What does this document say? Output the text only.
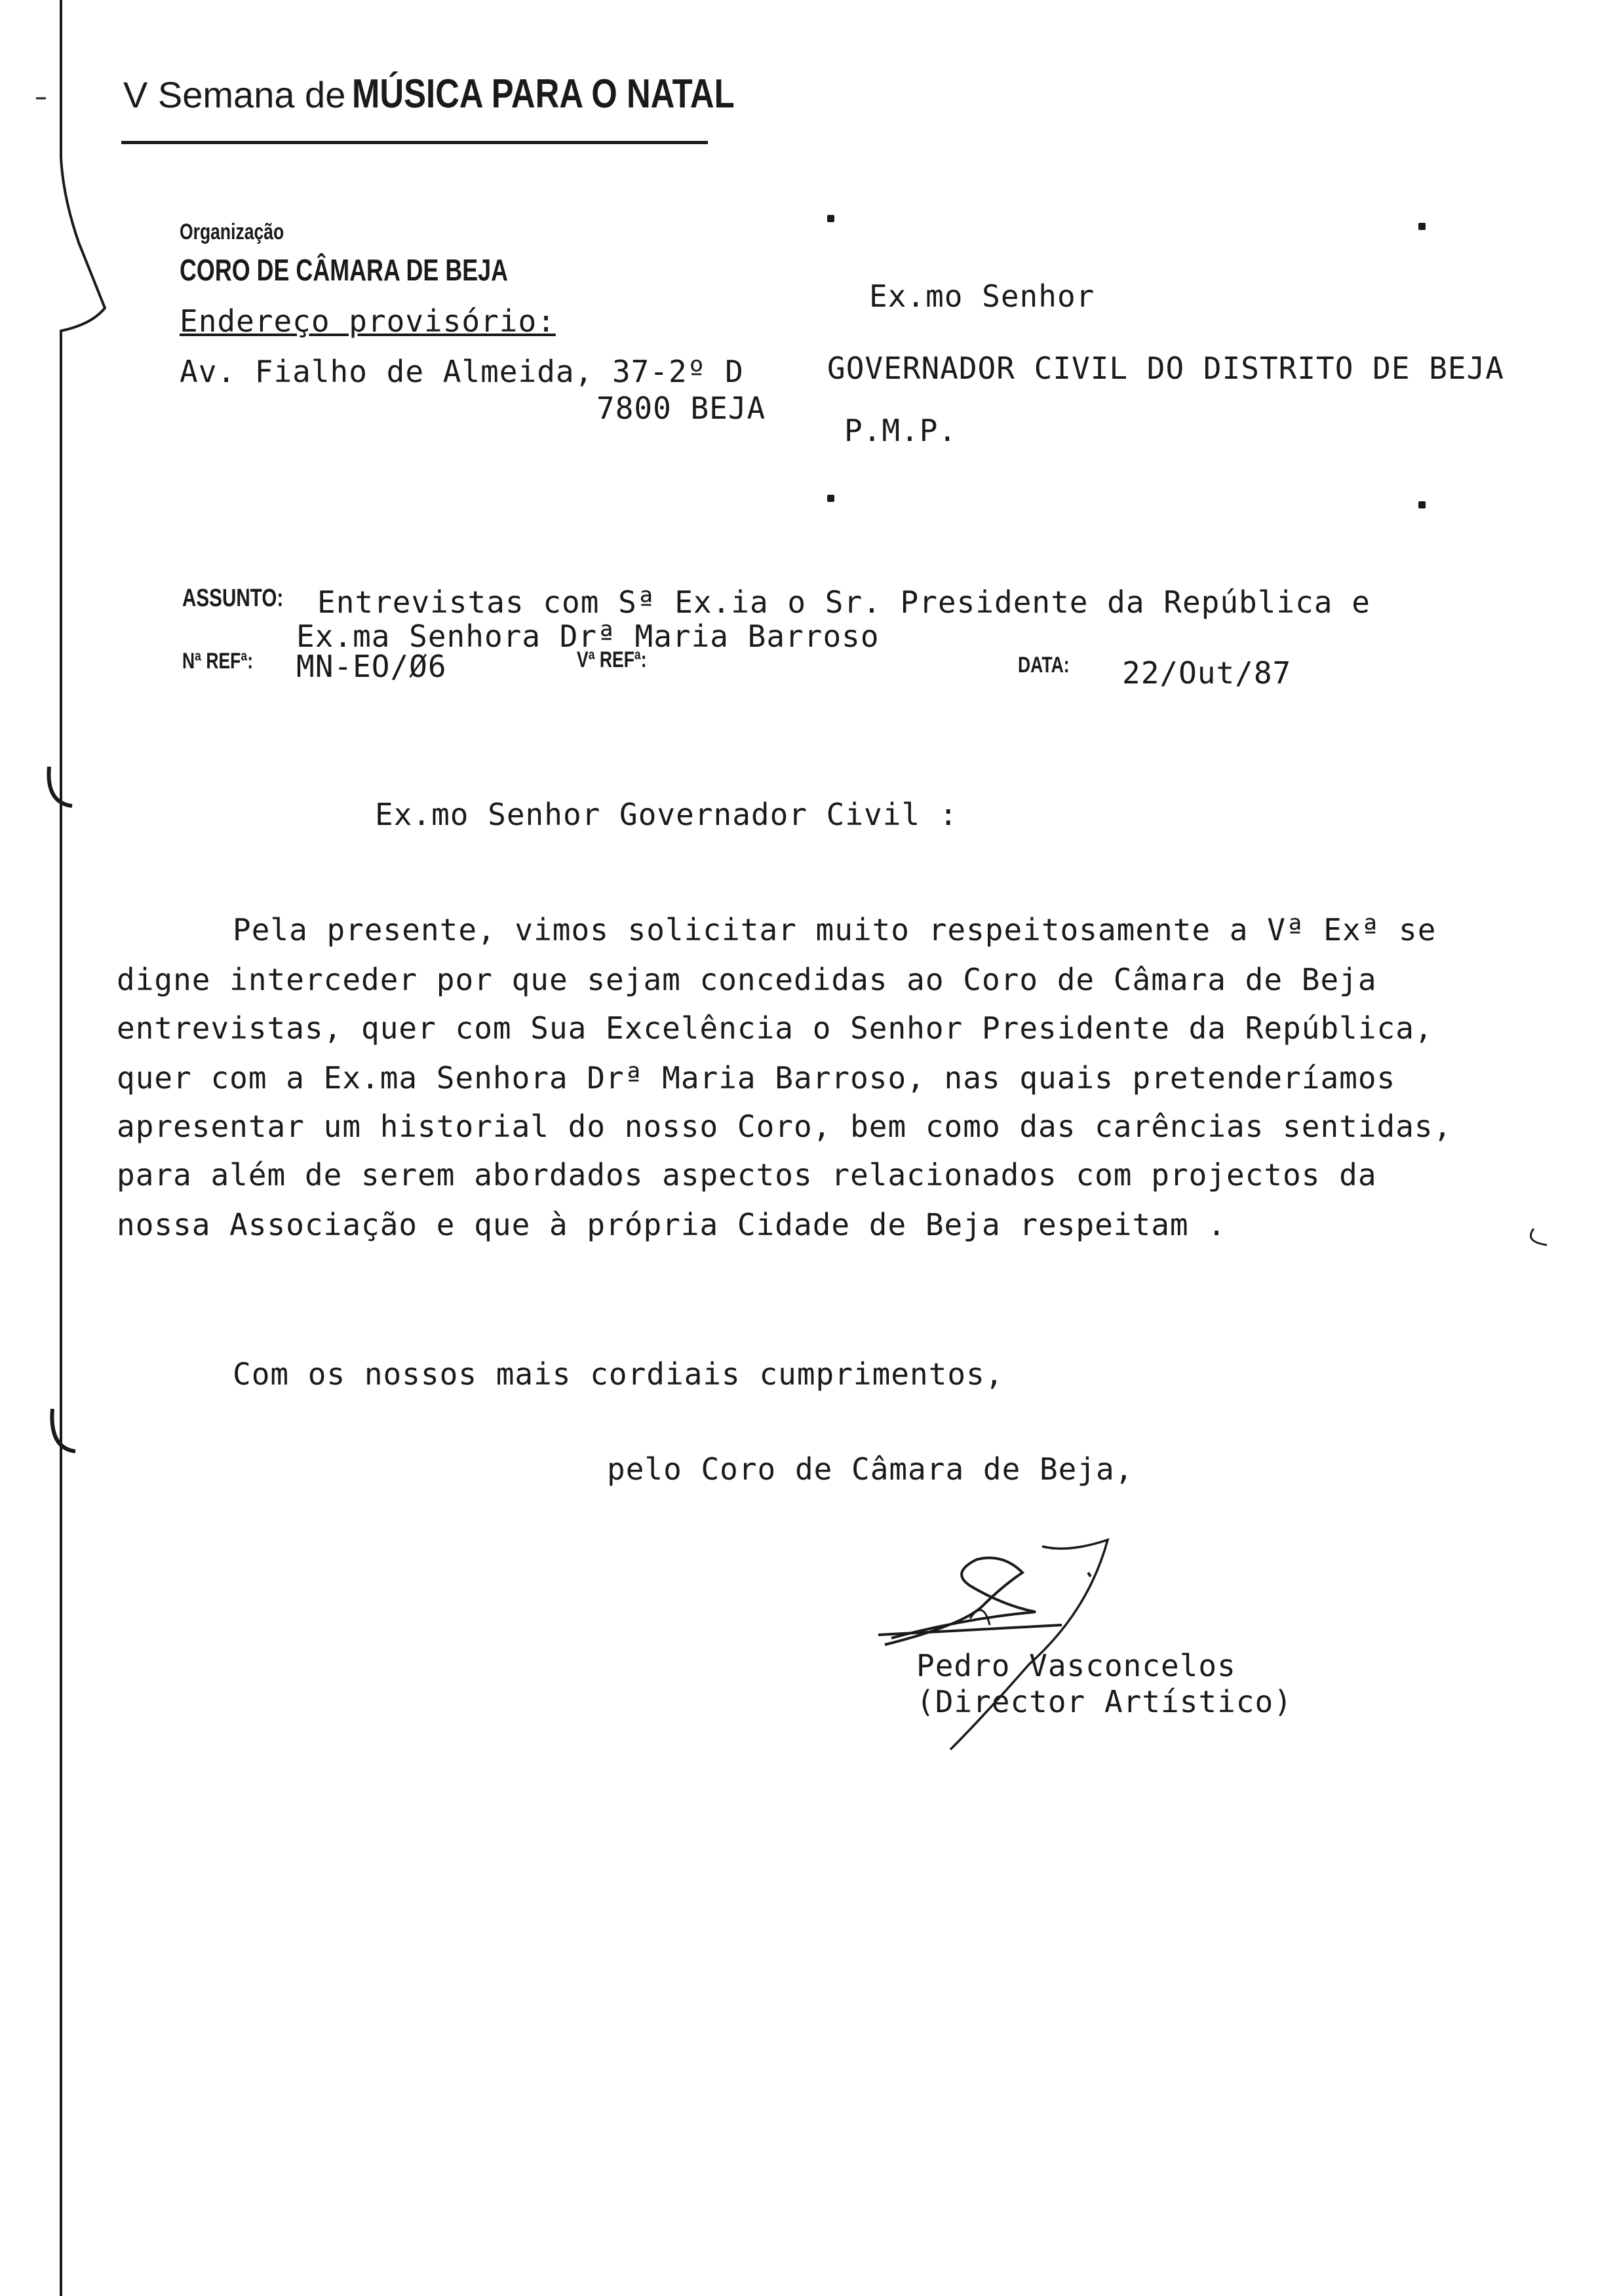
V Semana de MÚSICA PARA O NATAL
Organização
CORO DE CÂMARA DE BEJA
Endereço provisório:
Av. Fialho de Almeida, 37-2º D
7800 BEJA
Ex.mo Senhor
GOVERNADOR CIVIL DO DISTRITO DE BEJA
P.M.P.
ASSUNTO: Entrevistas com Sª Ex.ia o Sr. Presidente da República e
Ex.ma Senhora Drª Maria Barroso
Nª REFª: MN-EO/Ø6	Vª REFª:	DATA: 22/Out/87
Ex.mo Senhor Governador Civil :
Pela presente, vimos solicitar muito respeitosamente a Vª Exª se
digne interceder por que sejam concedidas ao Coro de Câmara de Beja
entrevistas, quer com Sua Excelência o Senhor Presidente da República,
quer com a Ex.ma Senhora Drª Maria Barroso, nas quais pretenderíamos
apresentar um historial do nosso Coro, bem como das carências sentidas,
para além de serem abordados aspectos relacionados com projectos da
nossa Associação e que à própria Cidade de Beja respeitam .
Com os nossos mais cordiais cumprimentos,
pelo Coro de Câmara de Beja,
Pedro Vasconcelos
(Director Artístico)
